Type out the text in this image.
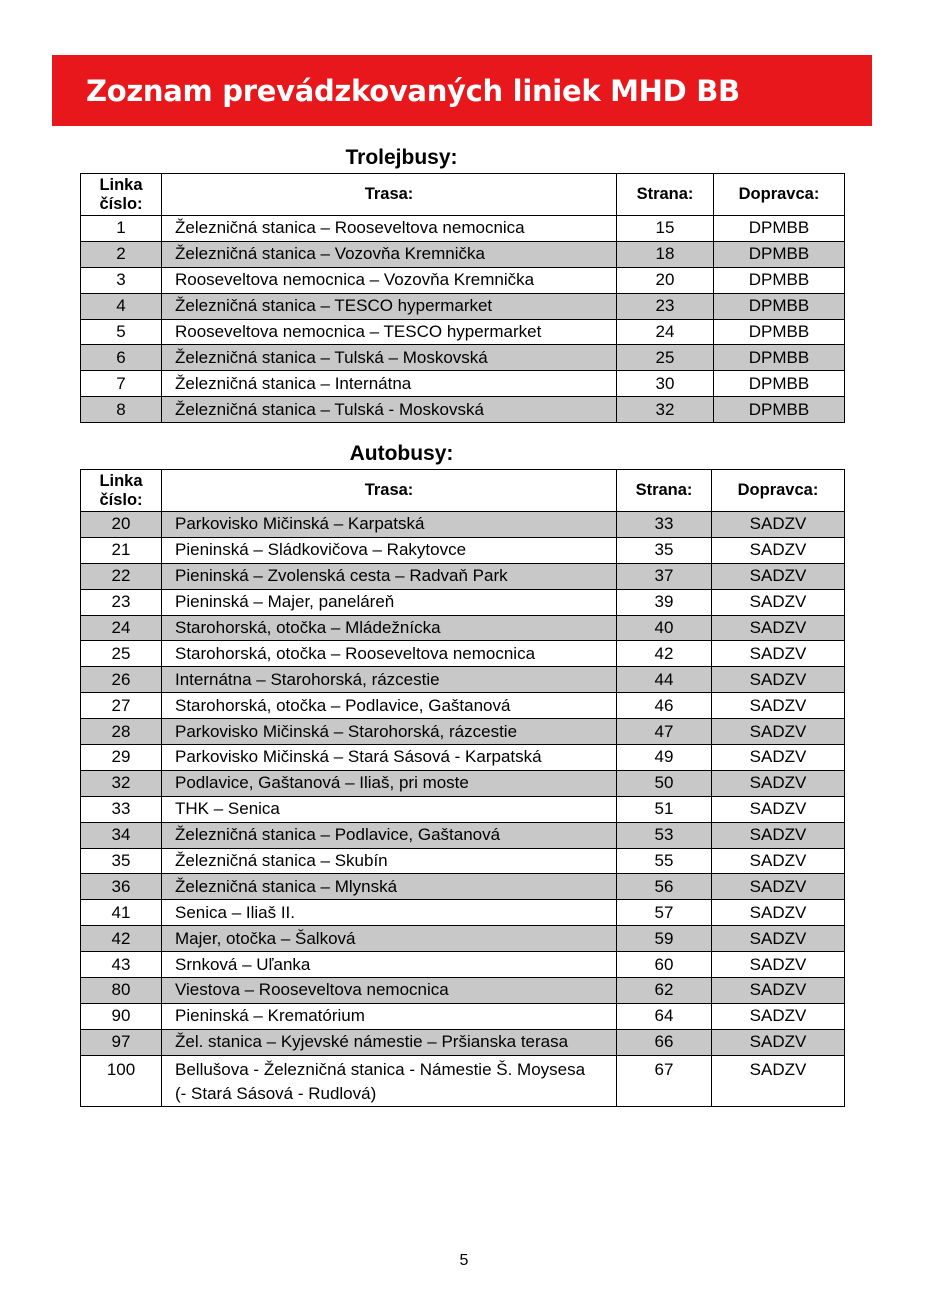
Zoznam prevádzkovaných liniek MHD BB
Trolejbusy:
Linka
číslo:	Trasa:	Strana:	Dopravca:
1	Železničná stanica – Rooseveltova nemocnica	15	DPMBB
2	Železničná stanica – Vozovňa Kremnička	18	DPMBB
3	Rooseveltova nemocnica – Vozovňa Kremnička	20	DPMBB
4	Železničná stanica – TESCO hypermarket	23	DPMBB
5	Rooseveltova nemocnica – TESCO hypermarket	24	DPMBB
6	Železničná stanica – Tulská – Moskovská	25	DPMBB
7	Železničná stanica – Internátna	30	DPMBB
8	Železničná stanica – Tulská - Moskovská	32	DPMBB
Autobusy:
Linka
číslo:	Trasa:	Strana:	Dopravca:
20	Parkovisko Mičinská – Karpatská	33	SADZV
21	Pieninská – Sládkovičova – Rakytovce	35	SADZV
22	Pieninská – Zvolenská cesta – Radvaň Park	37	SADZV
23	Pieninská – Majer, paneláreň	39	SADZV
24	Starohorská, otočka – Mládežnícka	40	SADZV
25	Starohorská, otočka – Rooseveltova nemocnica	42	SADZV
26	Internátna – Starohorská, rázcestie	44	SADZV
27	Starohorská, otočka – Podlavice, Gaštanová	46	SADZV
28	Parkovisko Mičinská – Starohorská, rázcestie	47	SADZV
29	Parkovisko Mičinská – Stará Sásová - Karpatská	49	SADZV
32	Podlavice, Gaštanová – Iliaš, pri moste	50	SADZV
33	THK – Senica	51	SADZV
34	Železničná stanica – Podlavice, Gaštanová	53	SADZV
35	Železničná stanica – Skubín	55	SADZV
36	Železničná stanica – Mlynská	56	SADZV
41	Senica – Iliaš II.	57	SADZV
42	Majer, otočka – Šalková	59	SADZV
43	Srnková – Uľanka	60	SADZV
80	Viestova – Rooseveltova nemocnica	62	SADZV
90	Pieninská – Krematórium	64	SADZV
97	Žel. stanica – Kyjevské námestie – Pršianska terasa	66	SADZV
100	Bellušova - Železničná stanica - Námestie Š. Moysesa
(- Stará Sásová - Rudlová)	67	SADZV
5
